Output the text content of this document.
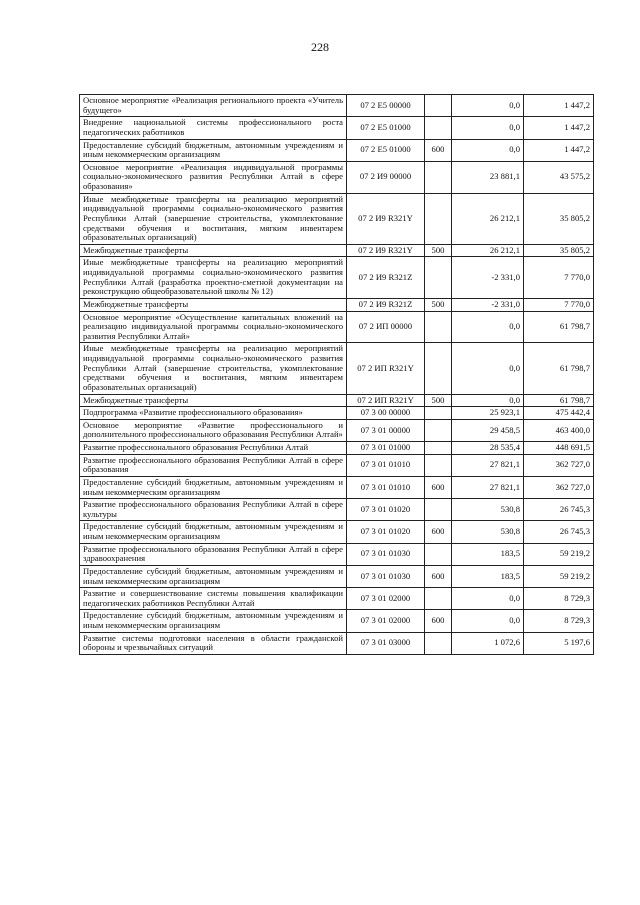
228
Основное мероприятие «Реализация регионального проекта «Учитель будущего»	07 2 E5 00000		0,0	1 447,2
Внедрение национальной системы профессионального роста педагогических работников	07 2 E5 01000		0,0	1 447,2
Предоставление субсидий бюджетным, автономным учреждениям и иным некоммерческим организациям	07 2 E5 01000	600	0,0	1 447,2
Основное мероприятие «Реализация индивидуальной программы социально-экономического развития Республики Алтай в сфере образования»	07 2 И9 00000		23 881,1	43 575,2
Иные межбюджетные трансферты на реализацию мероприятий индивидуальной программы социально-экономического развития Республики Алтай (завершение строительства, укомплектование средствами обучения и воспитания, мягким инвентарем образовательных организаций)	07 2 И9 R321Y		26 212,1	35 805,2
Межбюджетные трансферты	07 2 И9 R321Y	500	26 212,1	35 805,2
Иные межбюджетные трансферты на реализацию мероприятий индивидуальной программы социально-экономического развития Республики Алтай (разработка проектно-сметной документации на реконструкцию общеобразовательной школы № 12)	07 2 И9 R321Z		-2 331,0	7 770,0
Межбюджетные трансферты	07 2 И9 R321Z	500	-2 331,0	7 770,0
Основное мероприятие «Осуществление капитальных вложений на реализацию индивидуальной программы социально-экономического развития Республики Алтай»	07 2 ИП 00000		0,0	61 798,7
Иные межбюджетные трансферты на реализацию мероприятий индивидуальной программы социально-экономического развития Республики Алтай (завершение строительства, укомплектование средствами обучения и воспитания, мягким инвентарем образовательных организаций)	07 2 ИП R321Y		0,0	61 798,7
Межбюджетные трансферты	07 2 ИП R321Y	500	0,0	61 798,7
Подпрограмма «Развитие профессионального образования»	07 3 00 00000		25 923,1	475 442,4
Основное мероприятие «Развитие профессионального и дополнительного профессионального образования Республики Алтай»	07 3 01 00000		29 458,5	463 400,0
Развитие профессионального образования Республики Алтай	07 3 01 01000		28 535,4	448 691,5
Развитие профессионального образования Республики Алтай в сфере образования	07 3 01 01010		27 821,1	362 727,0
Предоставление субсидий бюджетным, автономным учреждениям и иным некоммерческим организациям	07 3 01 01010	600	27 821,1	362 727,0
Развитие профессионального образования Республики Алтай в сфере культуры	07 3 01 01020		530,8	26 745,3
Предоставление субсидий бюджетным, автономным учреждениям и иным некоммерческим организациям	07 3 01 01020	600	530,8	26 745,3
Развитие профессионального образования Республики Алтай в сфере здравоохранения	07 3 01 01030		183,5	59 219,2
Предоставление субсидий бюджетным, автономным учреждениям и иным некоммерческим организациям	07 3 01 01030	600	183,5	59 219,2
Развитие и совершенствование системы повышения квалификации педагогических работников Республики Алтай	07 3 01 02000		0,0	8 729,3
Предоставление субсидий бюджетным, автономным учреждениям и иным некоммерческим организациям	07 3 01 02000	600	0,0	8 729,3
Развитие системы подготовки населения в области гражданской обороны и чрезвычайных ситуаций	07 3 01 03000		1 072,6	5 197,6
